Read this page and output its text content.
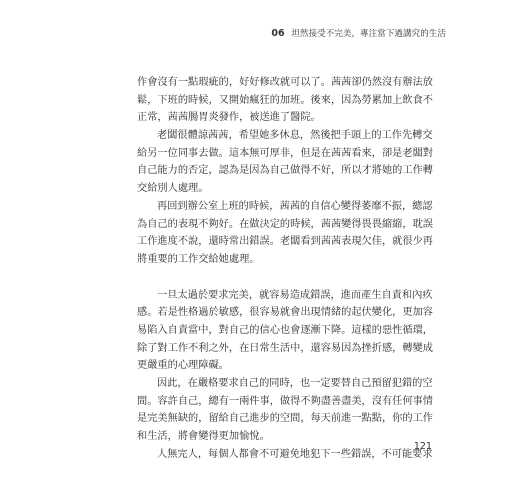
06 坦然接受不完美，專注當下過講究的生活
作會沒有一點瑕疵的，好好修改就可以了。茜茜卻仍然沒有辦法放
鬆，下班的時候，又開始瘋狂的加班。後來，因為勞累加上飲食不
正常，茜茜腸胃炎發作，被送進了醫院。
老闆很體諒茜茜，希望她多休息，然後把手頭上的工作先轉交
給另一位同事去做。這本無可厚非，但是在茜茜看來，卻是老闆對
自己能力的否定，認為是因為自己做得不好，所以才將她的工作轉
交給別人處理。
再回到辦公室上班的時候，茜茜的自信心變得萎靡不振，總認
為自己的表現不夠好。在做決定的時候，茜茜變得畏畏縮縮，耽誤
工作進度不說，還時常出錯誤。老闆看到茜茜表現欠佳，就很少再
將重要的工作交給她處理。
一旦太過於要求完美，就容易造成錯誤，進而產生自責和內疚
感。若是性格過於敏感，很容易就會出現情緒的起伏變化，更加容
易陷入自責當中，對自己的信心也會逐漸下降。這樣的惡性循環，
除了對工作不利之外，在日常生活中，還容易因為挫折感，轉變成
更嚴重的心理障礙。
因此，在嚴格要求自己的同時，也一定要替自己預留犯錯的空
間。容許自己，總有一兩件事，做得不夠盡善盡美，沒有任何事情
是完美無缺的，留給自己進步的空間，每天前進一點點，你的工作
和生活，將會變得更加愉悅。
人無完人，每個人都會不可避免地犯下一些錯誤，不可能要求
121
